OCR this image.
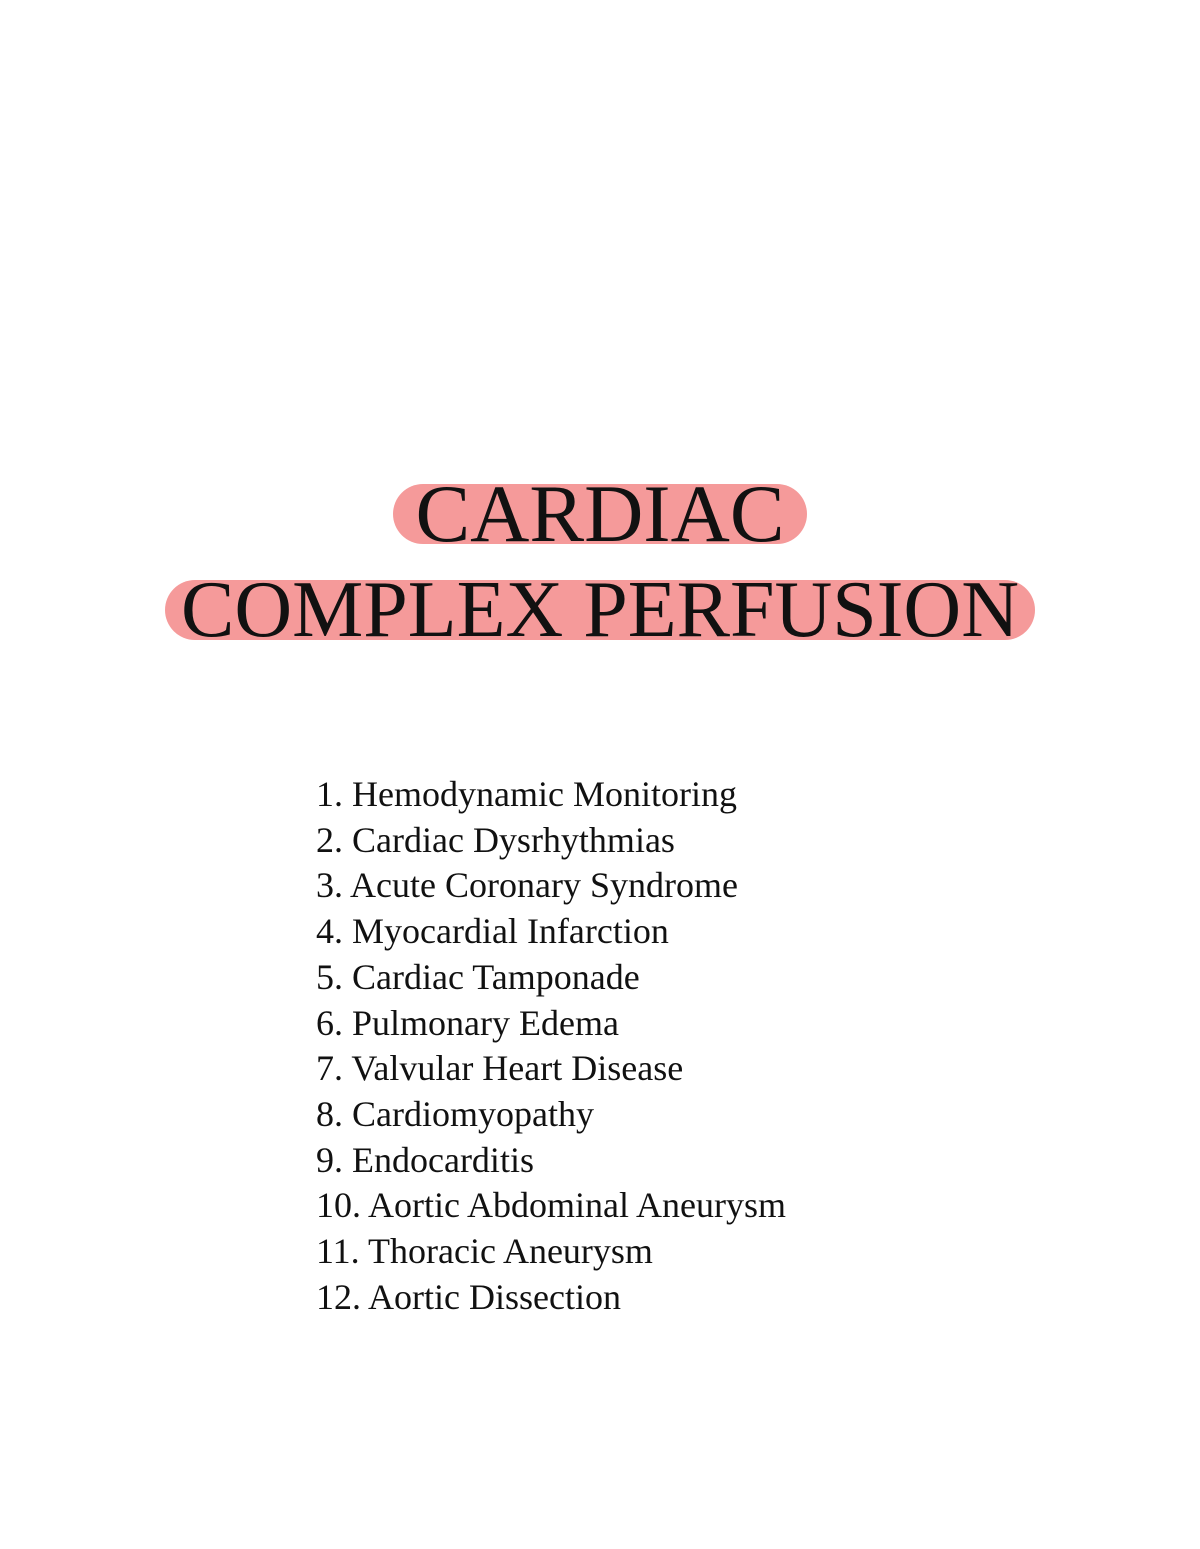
CARDIAC
COMPLEX PERFUSION
1. Hemodynamic Monitoring
2. Cardiac Dysrhythmias
3. Acute Coronary Syndrome
4. Myocardial Infarction
5. Cardiac Tamponade
6. Pulmonary Edema
7. Valvular Heart Disease
8. Cardiomyopathy
9. Endocarditis
10. Aortic Abdominal Aneurysm
11. Thoracic Aneurysm
12. Aortic Dissection
